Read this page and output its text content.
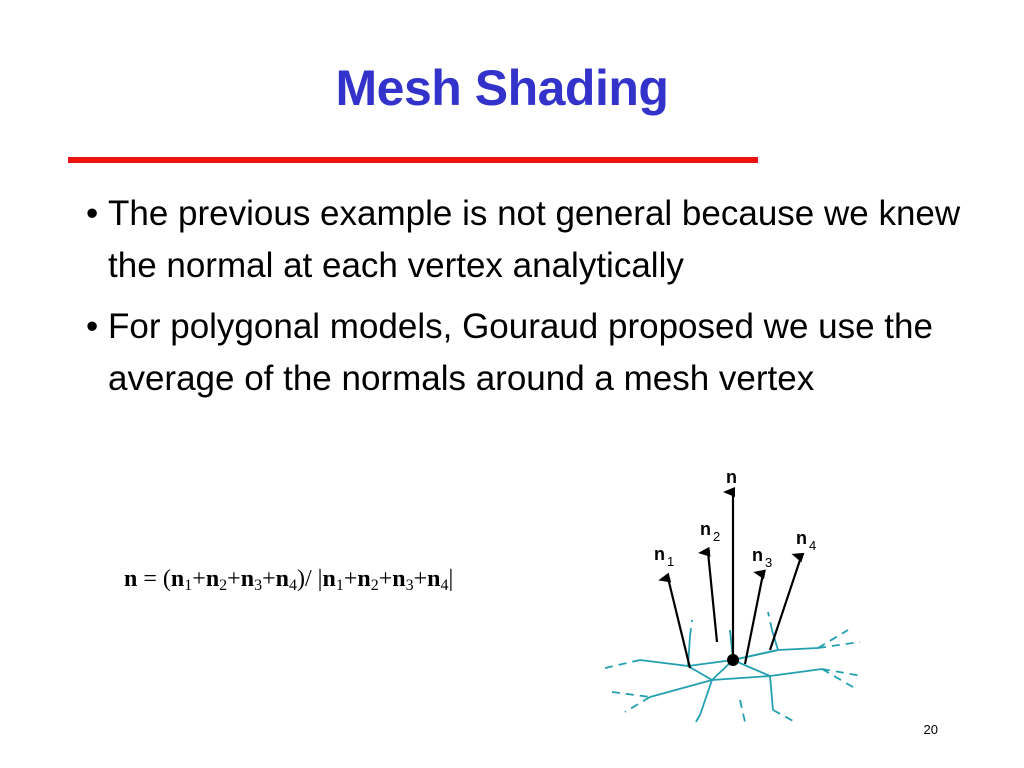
Mesh Shading
• The previous example is not general because we knew the normal at each vertex analytically
• For polygonal models, Gouraud proposed we use the average of the normals around a mesh vertex
$n = (n_1+n_2+n_3+n_4)/$ $|n_1+n_2+n_3+n_4|$
n
n 1
n 2
n 3
n 4
20
